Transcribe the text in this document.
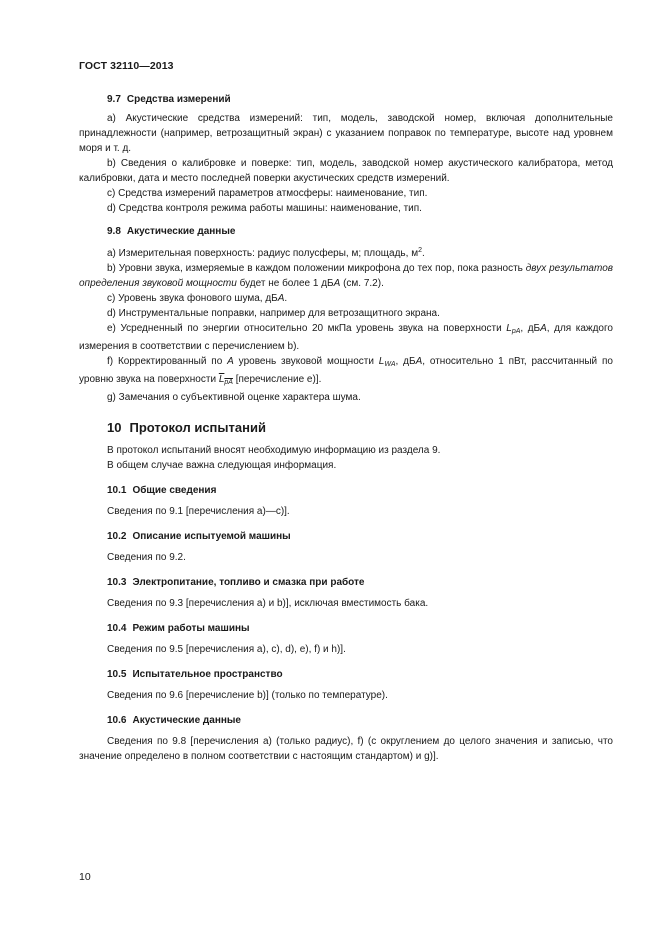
ГОСТ 32110—2013
9.7 Средства измерений

а) Акустические средства измерений: тип, модель, заводской номер, включая дополнительные принадлежности (например, ветрозащитный экран) с указанием поправок по температуре, высоте над уровнем моря и т. д.

b) Сведения о калибровке и поверке: тип, модель, заводской номер акустического калибратора, метод калибровки, дата и место последней поверки акустических средств измерений.

c) Средства измерений параметров атмосферы: наименование, тип.

d) Средства контроля режима работы машины: наименование, тип.

9.8 Акустические данные

а) Измерительная поверхность: радиус полусферы, м; площадь, $м^2$.

b) Уровни звука, измеряемые в каждом положении микрофона до тех пор, пока разность двух результатов определения звуковой мощности будет не более 1 дБА (см. 7.2).

c) Уровень звука фонового шума, дБА.

d) Инструментальные поправки, например для ветрозащитного экрана.

e) Усредненный по энергии относительно 20 мкПа уровень звука на поверхности $L_{pA}$, дБА, для каждого измерения в соответствии с перечислением b).

f) Корректированный по А уровень звуковой мощности $L_{WA}$, дБА, относительно 1 пВт, рассчитанный по уровню звука на поверхности $L_{pA}$ [перечисление е)].

g) Замечания о субъективной оценке характера шума.

10 Протокол испытаний

В протокол испытаний вносят необходимую информацию из раздела 9.

В общем случае важна следующая информация.

10.1 Общие сведения

Сведения по 9.1 [перечисления а)—с)].

10.2 Описание испытуемой машины

Сведения по 9.2.

10.3 Электропитание, топливо и смазка при работе

Сведения по 9.3 [перечисления а) и b)], исключая вместимость бака.

10.4 Режим работы машины

Сведения по 9.5 [перечисления а), с), d), е), f) и h)].

10.5 Испытательное пространство

Сведения по 9.6 [перечисление b)] (только по температуре).

10.6 Акустические данные

Сведения по 9.8 [перечисления а) (только радиус), f) (с округлением до целого значения и записью, что значение определено в полном соответствии с настоящим стандартом) и g)].

10
